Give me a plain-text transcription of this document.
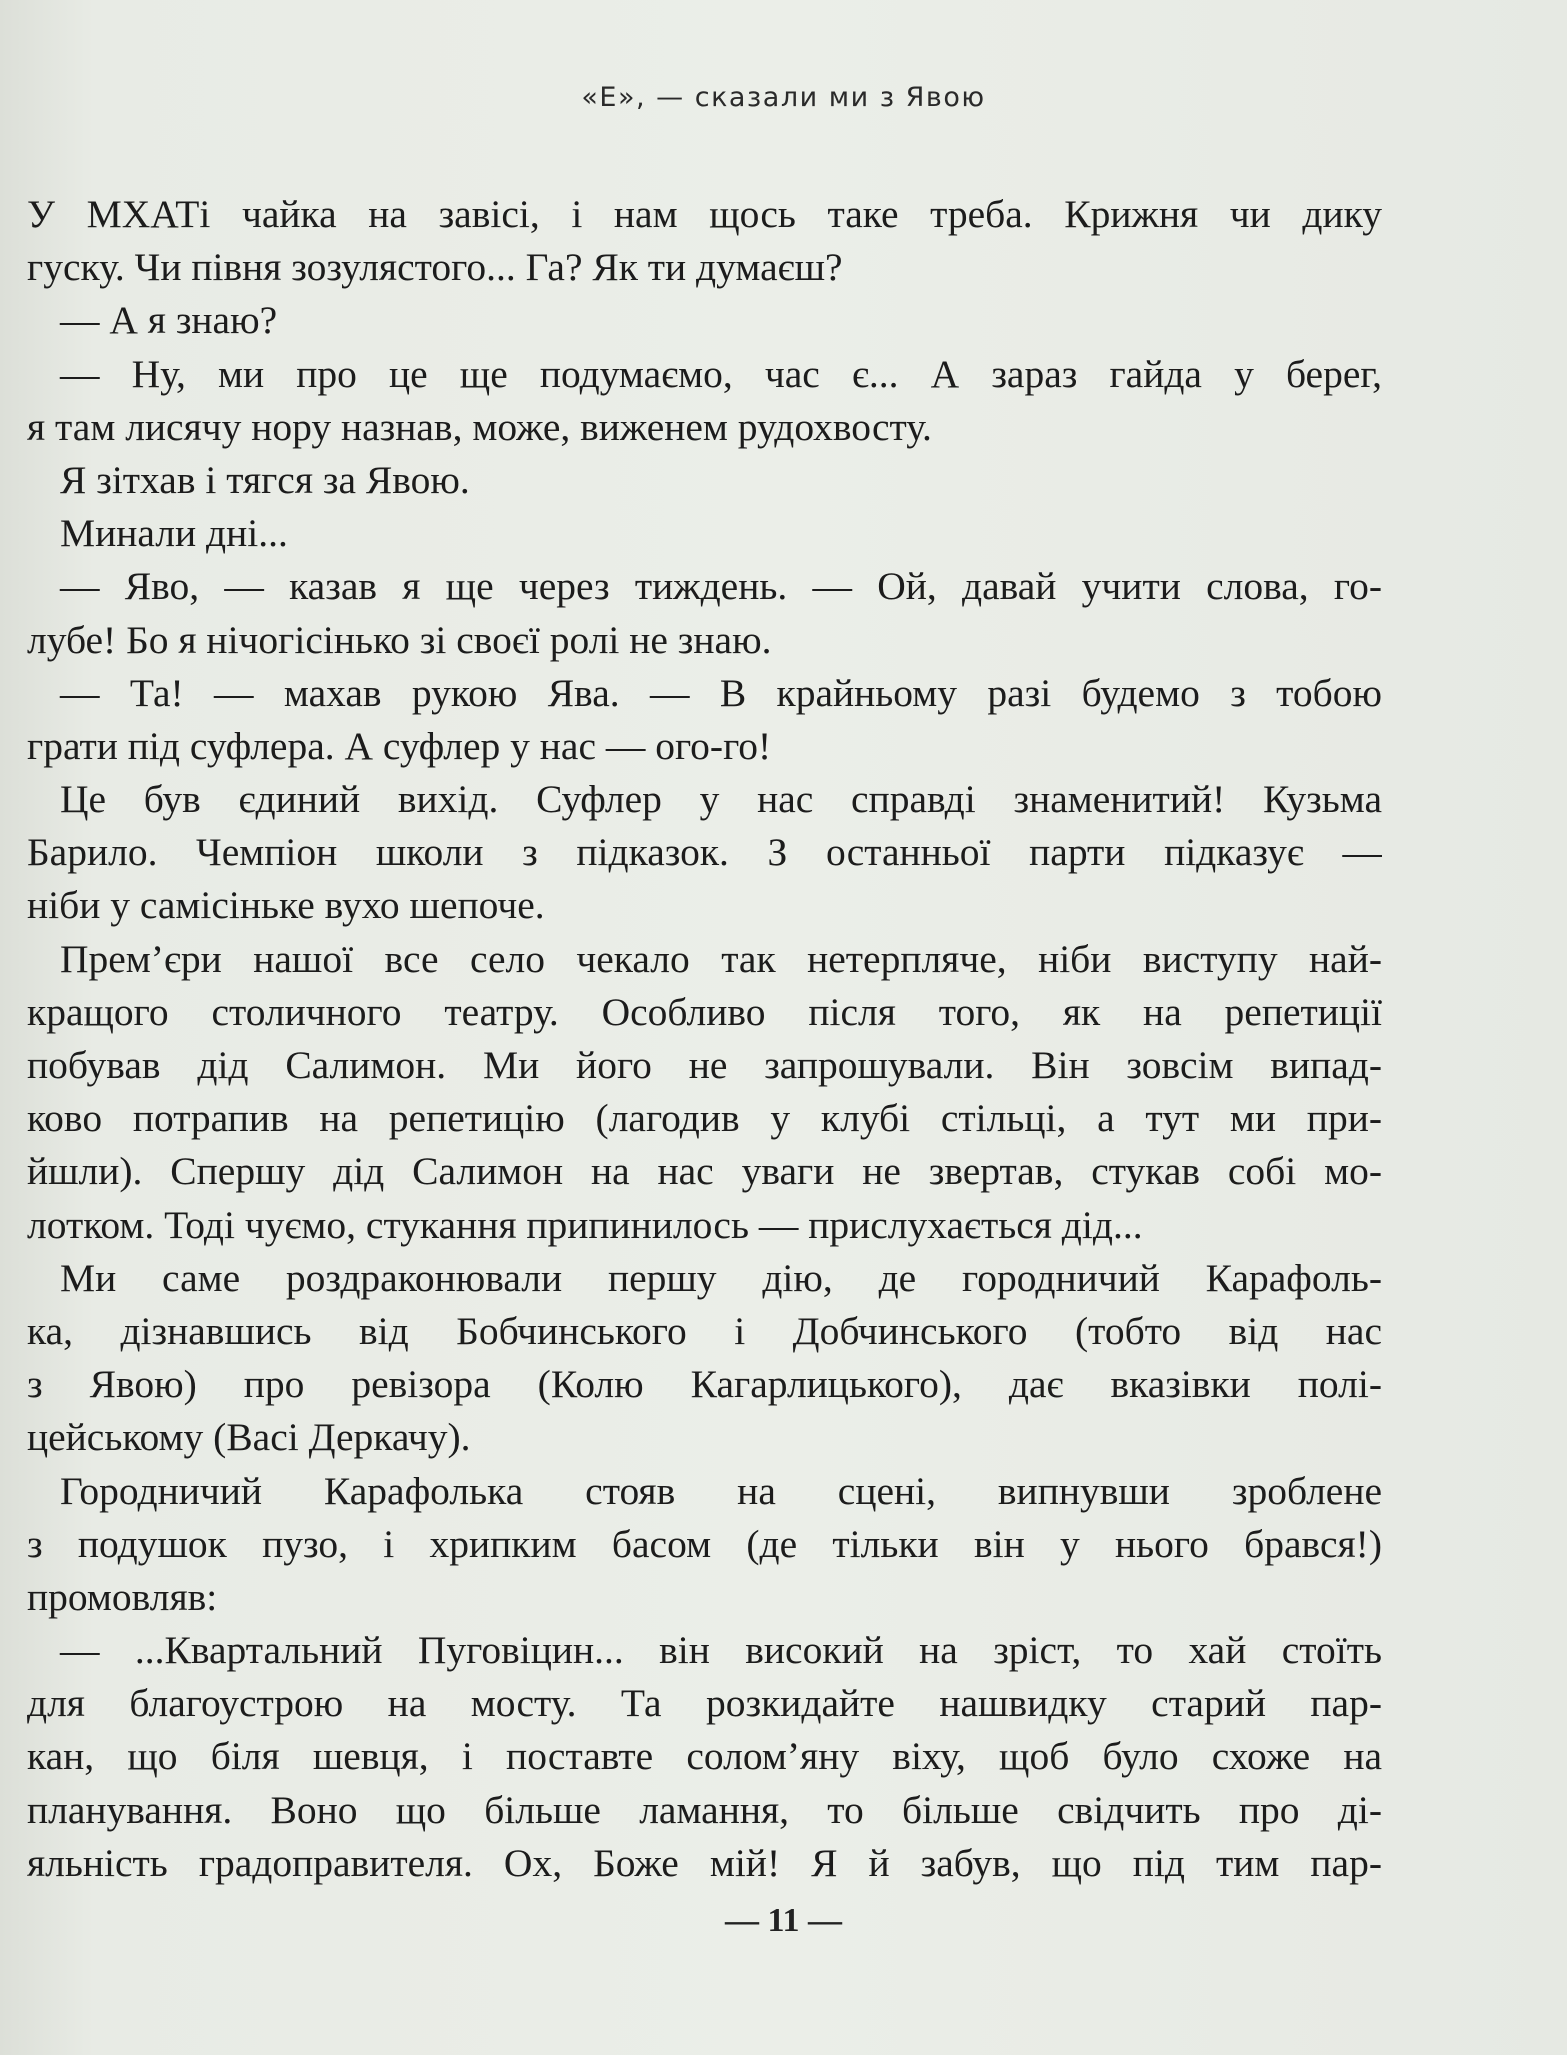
«Е», — сказали ми з Явою
У МХАТі чайка на завісі, і нам щось таке треба. Крижня чи дику
гуску. Чи півня зозулястого... Га? Як ти думаєш?
— А я знаю?
— Ну, ми про це ще подумаємо, час є... А зараз гайда у берег,
я там лисячу нору назнав, може, виженем рудохвосту.
Я зітхав і тягся за Явою.
Минали дні...
— Яво, — казав я ще через тиждень. — Ой, давай учити слова, го-
лубе! Бо я нічогісінько зі своєї ролі не знаю.
— Та! — махав рукою Ява. — В крайньому разі будемо з тобою
грати під суфлера. А суфлер у нас — ого-го!
Це був єдиний вихід. Суфлер у нас справді знаменитий! Кузьма
Барило. Чемпіон школи з підказок. З останньої парти підказує —
ніби у самісіньке вухо шепоче.
Прем’єри нашої все село чекало так нетерпляче, ніби виступу най-
кращого столичного театру. Особливо після того, як на репетиції
побував дід Салимон. Ми його не запрошували. Він зовсім випад-
ково потрапив на репетицію (лагодив у клубі стільці, а тут ми при-
йшли). Спершу дід Салимон на нас уваги не звертав, стукав собі мо-
лотком. Тоді чуємо, стукання припинилось — прислухається дід...
Ми саме роздраконювали першу дію, де городничий Карафоль-
ка, дізнавшись від Бобчинського і Добчинського (тобто від нас
з Явою) про ревізора (Колю Кагарлицького), дає вказівки полі-
цейському (Васі Деркачу).
Городничий Карафолька стояв на сцені, випнувши зроблене
з подушок пузо, і хрипким басом (де тільки він у нього брався!)
промовляв:
— ...Квартальний Пуговіцин... він високий на зріст, то хай стоїть
для благоустрою на мосту. Та розкидайте нашвидку старий пар-
кан, що біля шевця, і поставте солом’яну віху, щоб було схоже на
планування. Воно що більше ламання, то більше свідчить про ді-
яльність градоправителя. Ох, Боже мій! Я й забув, що під тим пар-
— 11 —
